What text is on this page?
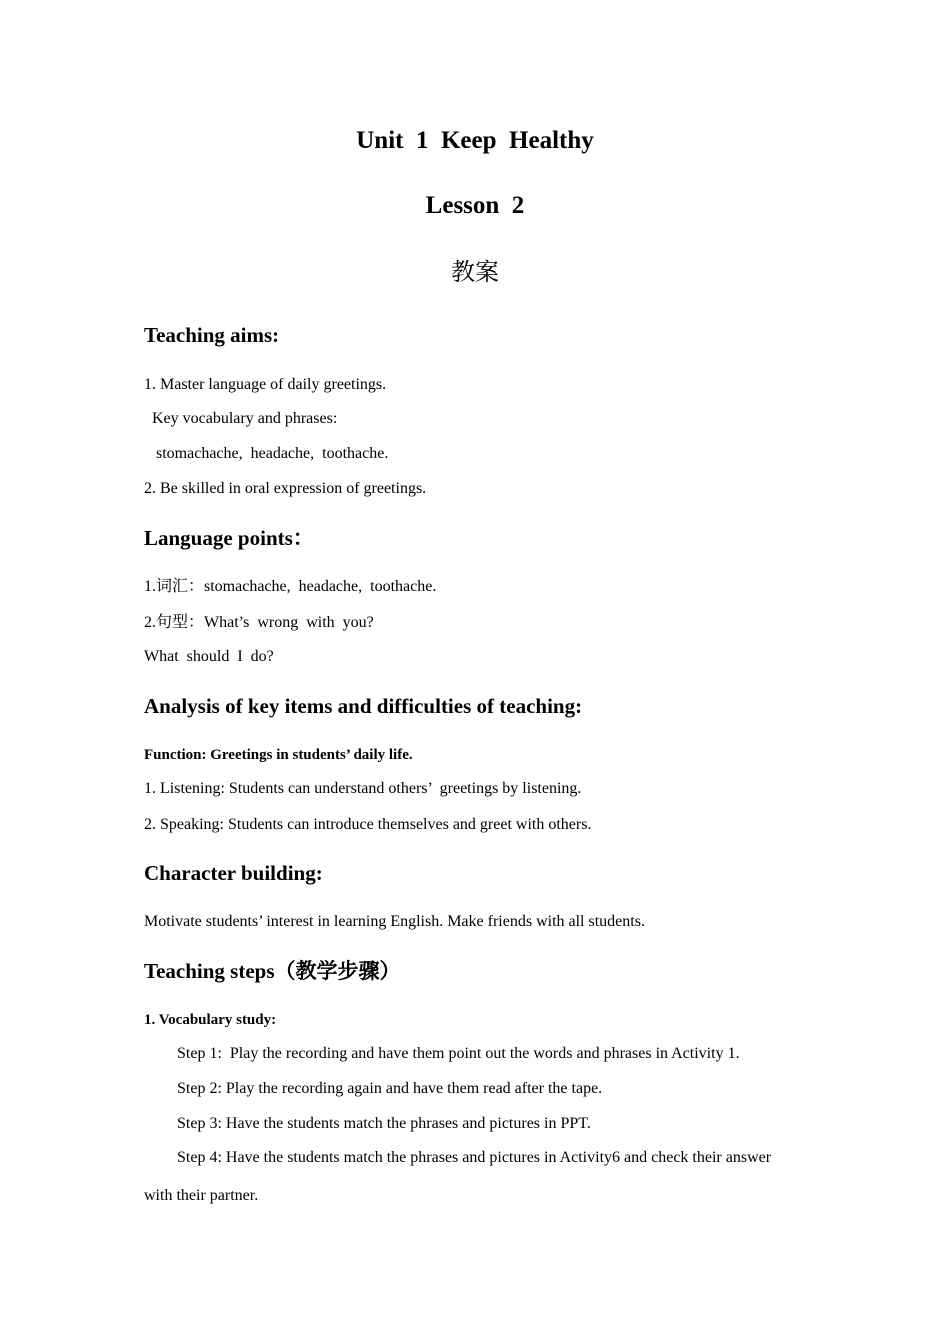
Unit  1  Keep  Healthy
Lesson  2
教案
Teaching aims:

1. Master language of daily greetings.

Key vocabulary and phrases:

stomachache,  headache,  toothache.

2. Be skilled in oral expression of greetings.

Language points：

1.词汇：stomachache,  headache,  toothache.

2.句型：What’s  wrong  with  you?

What  should  I  do?

Analysis of key items and difficulties of teaching:

Function: Greetings in students’ daily life.

1. Listening: Students can understand others’  greetings by listening.

2. Speaking: Students can introduce themselves and greet with others.

Character building:

Motivate students’ interest in learning English. Make friends with all students.

Teaching steps（教学步骤）

1. Vocabulary study:

Step 1:  Play the recording and have them point out the words and phrases in Activity 1.

Step 2: Play the recording again and have them read after the tape.

Step 3: Have the students match the phrases and pictures in PPT.

Step 4: Have the students match the phrases and pictures in Activity6 and check their answer

with their partner.
